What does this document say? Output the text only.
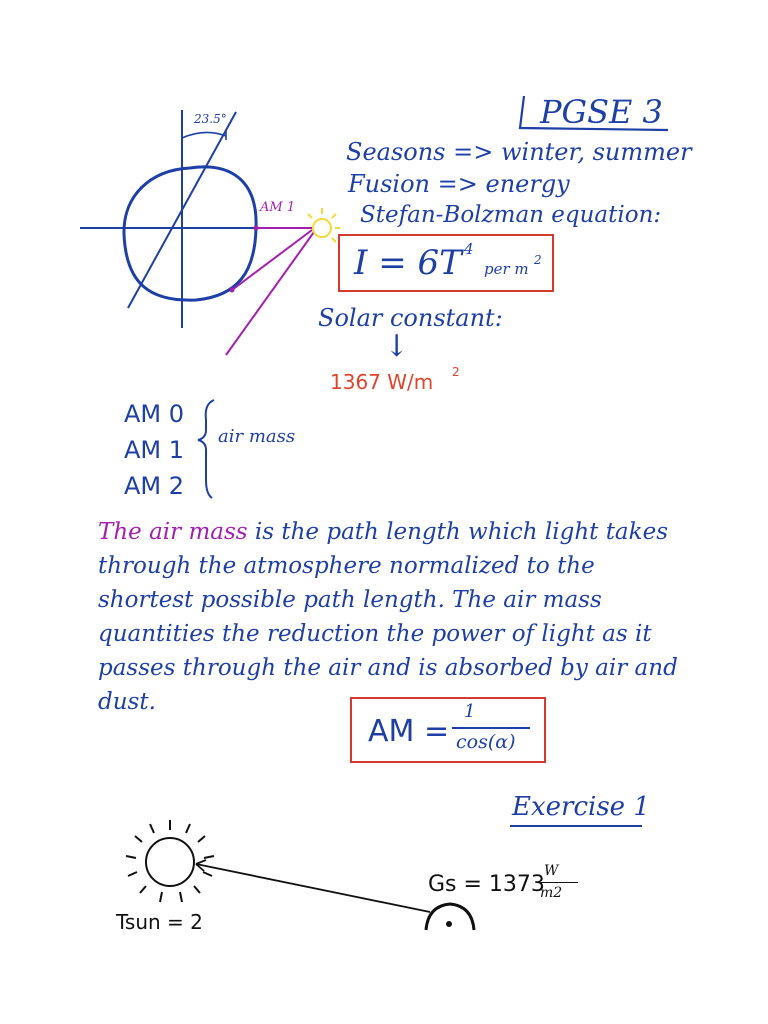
PGSE 3
23.5°
AM 1
Seasons => winter, summer
Fusion => energy
Stefan-Bolzman equation:
I = 6T 4
per m 2
Solar constant:
↓
1367 W/m 2
AM 0
AM 1
AM 2
air mass
The air mass is the path length which light takes through the atmosphere normalized to the shortest possible path length. The air mass quantities the reduction the power of light as it passes through the air and is absorbed by air and dust.
AM =
1
cos(α)
Exercise 1
Gs = 1373
W
m2
Tsun = 2
